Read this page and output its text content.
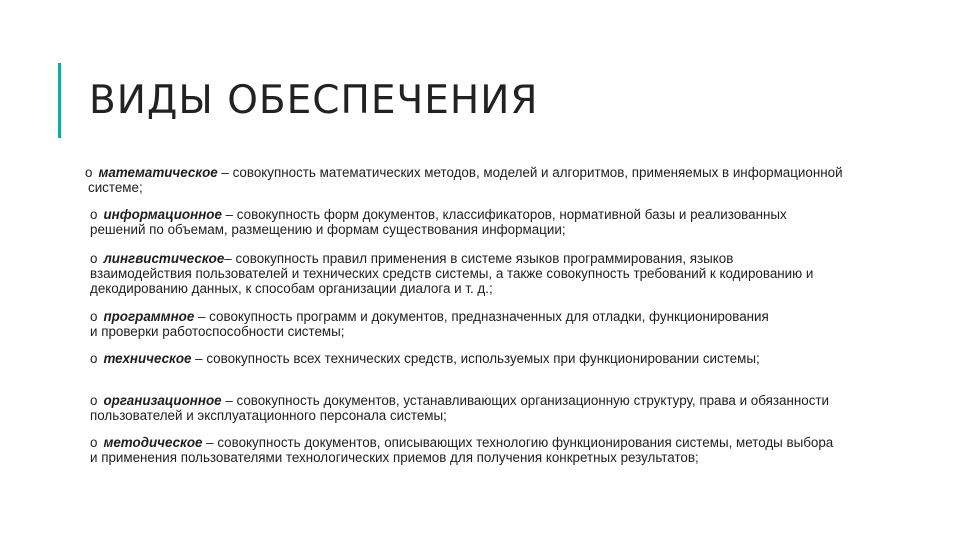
ВИДЫ ОБЕСПЕЧЕНИЯ
o математическое – совокупность математических методов, моделей и алгоритмов, применяемых в информационной системе;
o информационное – совокупность форм документов, классификаторов, нормативной базы и реализованных решений по объемам, размещению и формам существования информации;
o лингвистическое– совокупность правил применения в системе языков программирования, языков взаимодействия пользователей и технических средств системы, а также совокупность требований к кодированию и декодированию данных, к способам организации диалога и т. д.;
o программное – совокупность программ и документов, предназначенных для отладки, функционирования и проверки работоспособности системы;
o техническое – совокупность всех технических средств, используемых при функционировании системы;
o организационное – совокупность документов, устанавливающих организационную структуру, права и обязанности пользователей и эксплуатационного персонала системы;
o методическое – совокупность документов, описывающих технологию функционирования системы, методы выбора и применения пользователями технологических приемов для получения конкретных результатов;
